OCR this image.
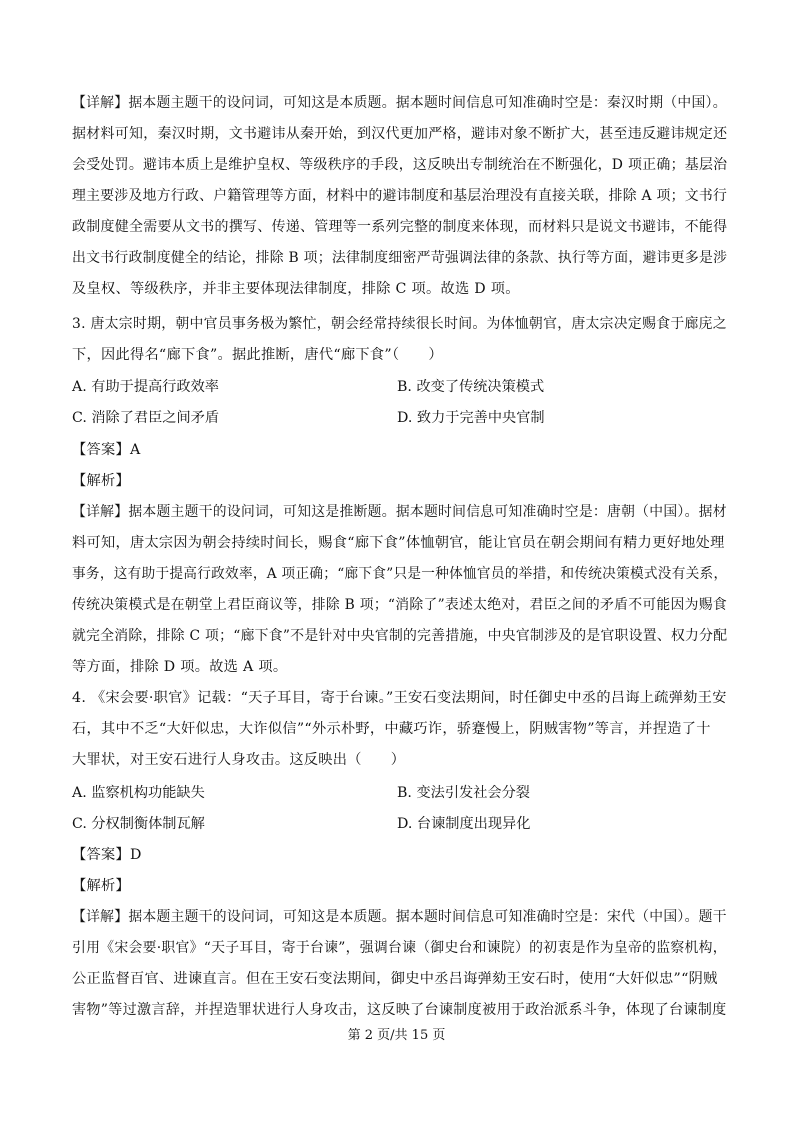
【详解】据本题主题干的设问词，可知这是本质题。据本题时间信息可知准确时空是：秦汉时期（中国）。
据材料可知，秦汉时期，文书避讳从秦开始，到汉代更加严格，避讳对象不断扩大，甚至违反避讳规定还
会受处罚。避讳本质上是维护皇权、等级秩序的手段，这反映出专制统治在不断强化，D 项正确；基层治
理主要涉及地方行政、户籍管理等方面，材料中的避讳制度和基层治理没有直接关联，排除 A 项；文书行
政制度健全需要从文书的撰写、传递、管理等一系列完整的制度来体现，而材料只是说文书避讳，不能得
出文书行政制度健全的结论，排除 B 项；法律制度细密严苛强调法律的条款、执行等方面，避讳更多是涉
及皇权、等级秩序，并非主要体现法律制度，排除 C 项。故选 D 项。
3. 唐太宗时期，朝中官员事务极为繁忙，朝会经常持续很长时间。为体恤朝官，唐太宗决定赐食于廊庑之
下，因此得名“廊下食”。据此推断，唐代“廊下食”（　　）
A. 有助于提高行政效率	B. 改变了传统决策模式
C. 消除了君臣之间矛盾	D. 致力于完善中央官制
【答案】A
【解析】
【详解】据本题主题干的设问词，可知这是推断题。据本题时间信息可知准确时空是：唐朝（中国）。据材
料可知，唐太宗因为朝会持续时间长，赐食“廊下食”体恤朝官，能让官员在朝会期间有精力更好地处理
事务，这有助于提高行政效率，A 项正确；“廊下食”只是一种体恤官员的举措，和传统决策模式没有关系，
传统决策模式是在朝堂上君臣商议等，排除 B 项；“消除了”表述太绝对，君臣之间的矛盾不可能因为赐食
就完全消除，排除 C 项；“廊下食”不是针对中央官制的完善措施，中央官制涉及的是官职设置、权力分配
等方面，排除 D 项。故选 A 项。
4. 《宋会要·职官》记载：“天子耳目，寄于台谏。”王安石变法期间，时任御史中丞的吕诲上疏弹劾王安
石，其中不乏“大奸似忠，大诈似信”“外示朴野，中藏巧诈，骄蹇慢上，阴贼害物”等言，并捏造了十
大罪状，对王安石进行人身攻击。这反映出（　　）
A. 监察机构功能缺失	B. 变法引发社会分裂
C. 分权制衡体制瓦解	D. 台谏制度出现异化
【答案】D
【解析】
【详解】据本题主题干的设问词，可知这是本质题。据本题时间信息可知准确时空是：宋代（中国）。题干
引用《宋会要·职官》“天子耳目，寄于台谏”，强调台谏（御史台和谏院）的初衷是作为皇帝的监察机构，
公正监督百官、进谏直言。但在王安石变法期间，御史中丞吕诲弹劾王安石时，使用“大奸似忠”“阴贼
害物”等过激言辞，并捏造罪状进行人身攻击，这反映了台谏制度被用于政治派系斗争，体现了台谏制度
第 2 页/共 15 页
